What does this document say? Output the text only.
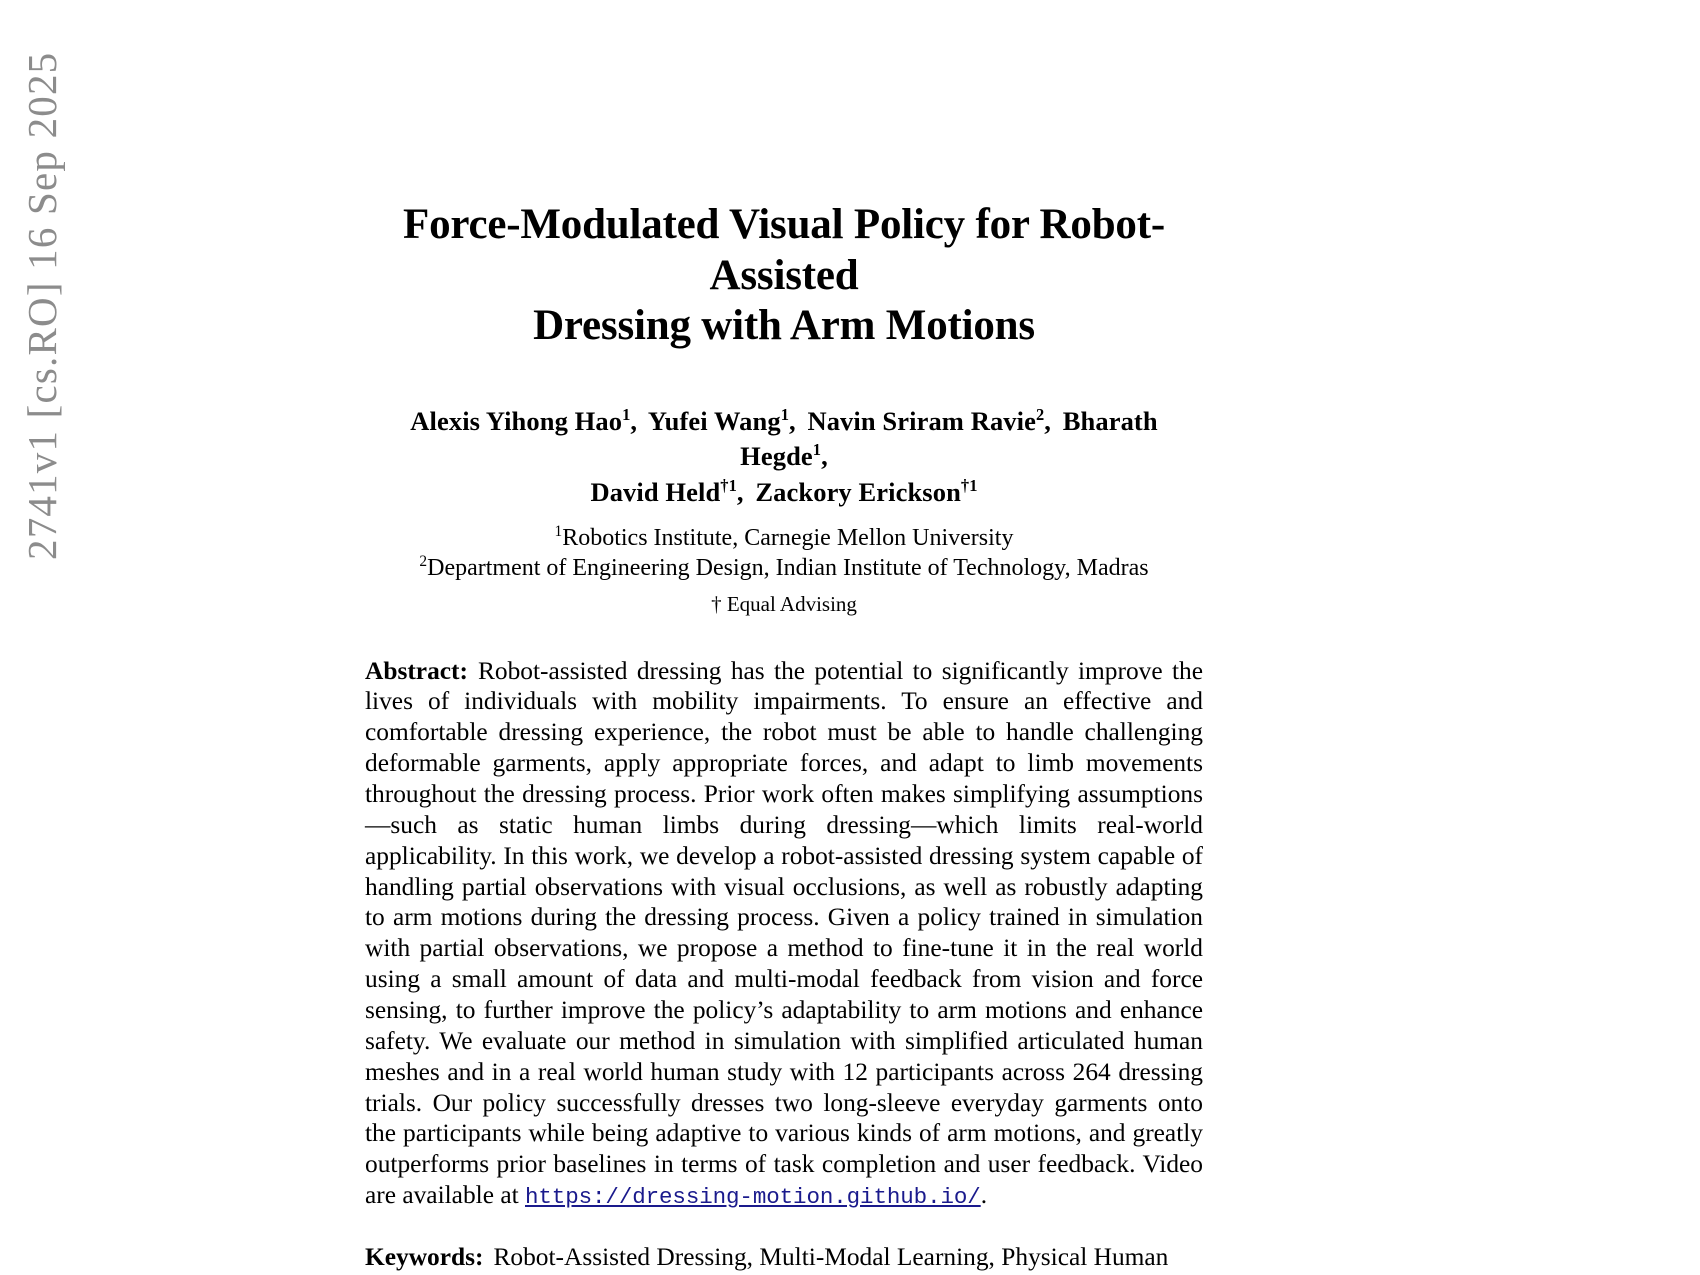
2741v1 [cs.RO] 16 Sep 2025	Force-Modulated Visual Policy for Robot-Assisted
Dressing with Arm Motions
Alexis Yihong Hao$^1$, Yufei Wang$^1$, Navin Sriram Ravie$^2$, Bharath Hegde$^1$,
David Held$^{\dagger 1}$, Zackory Erickson$^{\dagger 1}$
$^1$Robotics Institute, Carnegie Mellon University
$^2$Department of Engineering Design, Indian Institute of Technology, Madras
† Equal Advising
Abstract: Robot-assisted dressing has the potential to significantly improve the lives of individuals with mobility impairments. To ensure an effective and comfortable dressing experience, the robot must be able to handle challenging deformable garments, apply appropriate forces, and adapt to limb movements throughout the dressing process. Prior work often makes simplifying assumptions—such as static human limbs during dressing—which limits real-world applicability. In this work, we develop a robot-assisted dressing system capable of handling partial observations with visual occlusions, as well as robustly adapting to arm motions during the dressing process. Given a policy trained in simulation with partial observations, we propose a method to fine-tune it in the real world using a small amount of data and multi-modal feedback from vision and force sensing, to further improve the policy’s adaptability to arm motions and enhance safety. We evaluate our method in simulation with simplified articulated human meshes and in a real world human study with 12 participants across 264 dressing trials. Our policy successfully dresses two long-sleeve everyday garments onto the participants while being adaptive to various kinds of arm motions, and greatly outperforms prior baselines in terms of task completion and user feedback. Video are available at https://dressing-motion.github.io/.
Keywords: Robot-Assisted Dressing, Multi-Modal Learning, Physical Human
